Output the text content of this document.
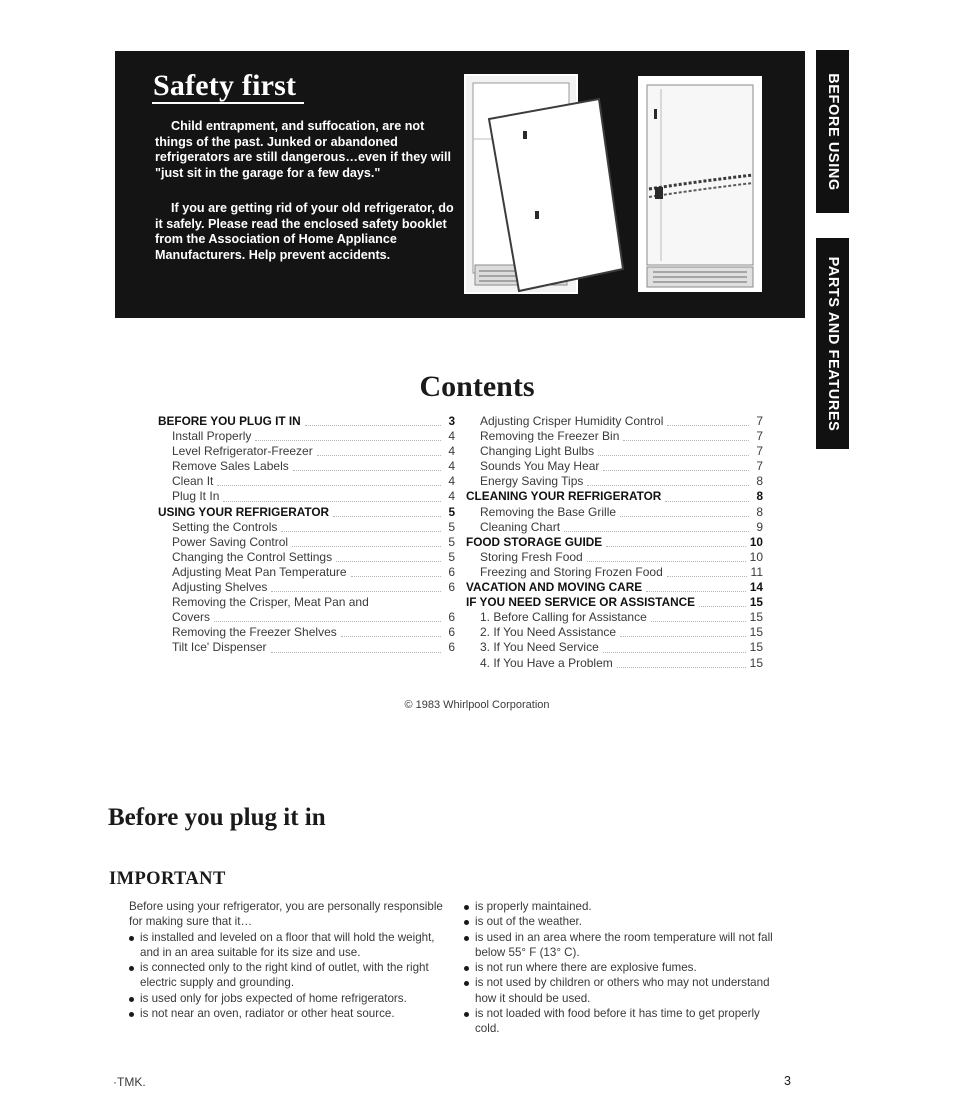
Safety first
Child entrapment, and suffocation, are not things of the past. Junked or abandoned refrigerators are still dangerous…even if they will "just sit in the garage for a few days."
If you are getting rid of your old refrigerator, do it safely. Please read the enclosed safety booklet from the Association of Home Appliance Manufacturers. Help prevent accidents.
BEFORE USING
PARTS AND FEATURES
Contents
BEFORE YOU PLUG IT IN	3
Install Properly	4
Level Refrigerator-Freezer	4
Remove Sales Labels	4
Clean It	4
Plug It In	4
USING YOUR REFRIGERATOR	5
Setting the Controls	5
Power Saving Control	5
Changing the Control Settings	5
Adjusting Meat Pan Temperature	6
Adjusting Shelves	6
Removing the Crisper, Meat Pan and
Covers	6
Removing the Freezer Shelves	6
Tilt Ice' Dispenser	6
Adjusting Crisper Humidity Control	7
Removing the Freezer Bin	7
Changing Light Bulbs	7
Sounds You May Hear	7
Energy Saving Tips	8
CLEANING YOUR REFRIGERATOR	8
Removing the Base Grille	8
Cleaning Chart	9
FOOD STORAGE GUIDE	10
Storing Fresh Food	10
Freezing and Storing Frozen Food	11
VACATION AND MOVING CARE	14
IF YOU NEED SERVICE OR ASSISTANCE	15
1. Before Calling for Assistance	15
2. If You Need Assistance	15
3. If You Need Service	15
4. If You Have a Problem	15
© 1983 Whirlpool Corporation
Before you plug it in
IMPORTANT
Before using your refrigerator, you are personally responsible for making sure that it…
is installed and leveled on a floor that will hold the weight, and in an area suitable for its size and use.
is connected only to the right kind of outlet, with the right electric supply and grounding.
is used only for jobs expected of home refrigerators.
is not near an oven, radiator or other heat source.
is properly maintained.
is out of the weather.
is used in an area where the room temperature will not fall below 55° F (13° C).
is not run where there are explosive fumes.
is not used by children or others who may not understand how it should be used.
is not loaded with food before it has time to get properly cold.
·TMK.	3
